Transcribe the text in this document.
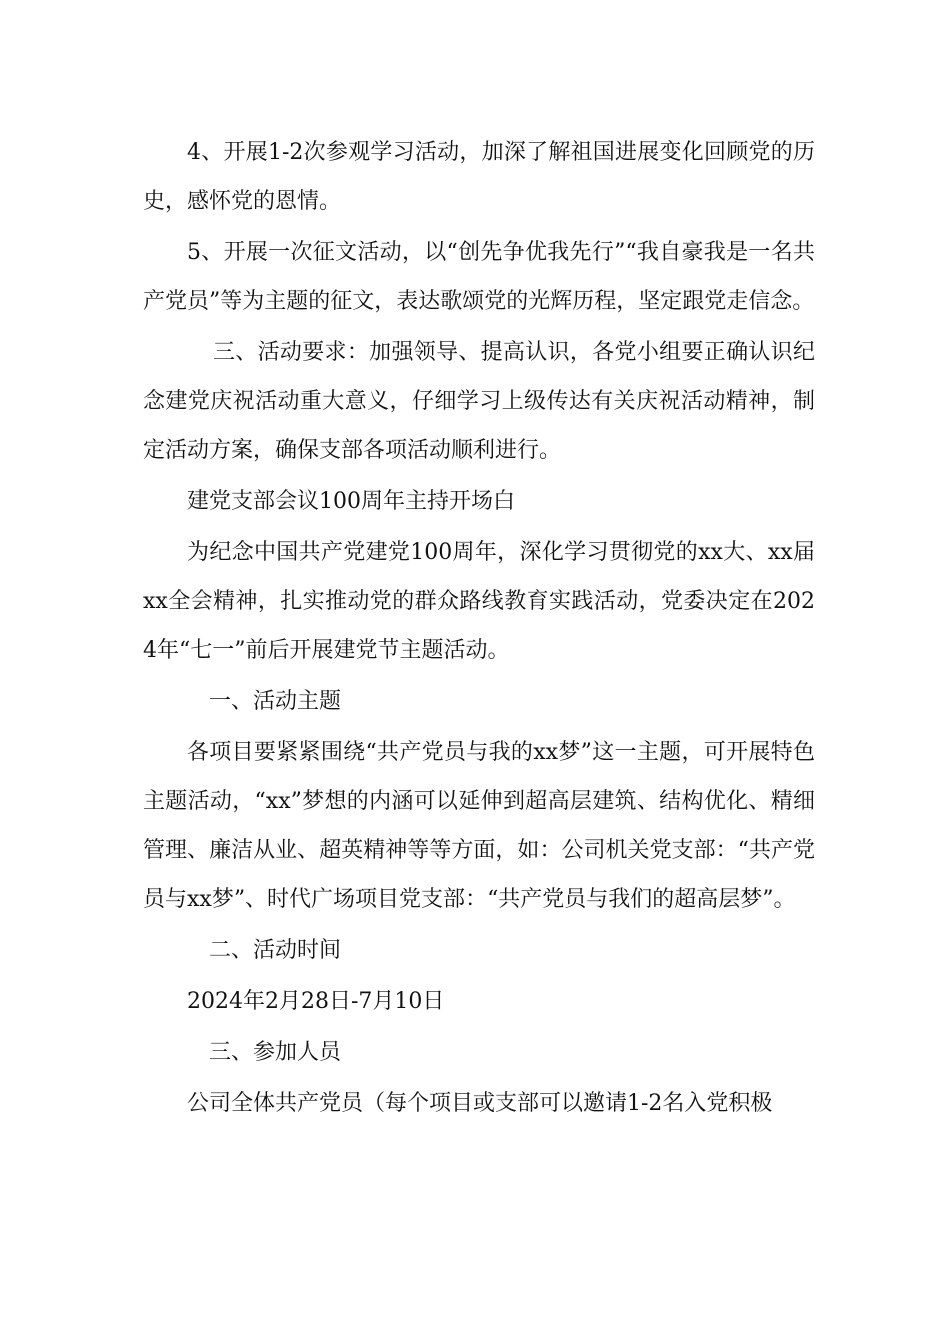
4、开展1-2次参观学习活动，加深了解祖国进展变化回顾党的历史，感怀党的恩情。

5、开展一次征文活动，以“创先争优我先行”“我自豪我是一名共产党员”等为主题的征文，表达歌颂党的光辉历程，坚定跟党走信念。

三、活动要求：加强领导、提高认识，各党小组要正确认识纪念建党庆祝活动重大意义，仔细学习上级传达有关庆祝活动精神，制定活动方案，确保支部各项活动顺利进行。

建党支部会议100周年主持开场白

为纪念中国共产党建党100周年，深化学习贯彻党的xx大、xx届xx全会精神，扎实推动党的群众路线教育实践活动，党委决定在2024年“七一”前后开展建党节主题活动。

一、活动主题

各项目要紧紧围绕“共产党员与我的xx梦”这一主题，可开展特色主题活动，“xx”梦想的内涵可以延伸到超高层建筑、结构优化、精细管理、廉洁从业、超英精神等等方面，如：公司机关党支部：“共产党员与xx梦”、时代广场项目党支部：“共产党员与我们的超高层梦”。

二、活动时间

2024年2月28日-7月10日

三、参加人员

公司全体共产党员（每个项目或支部可以邀请1-2名入党积极
